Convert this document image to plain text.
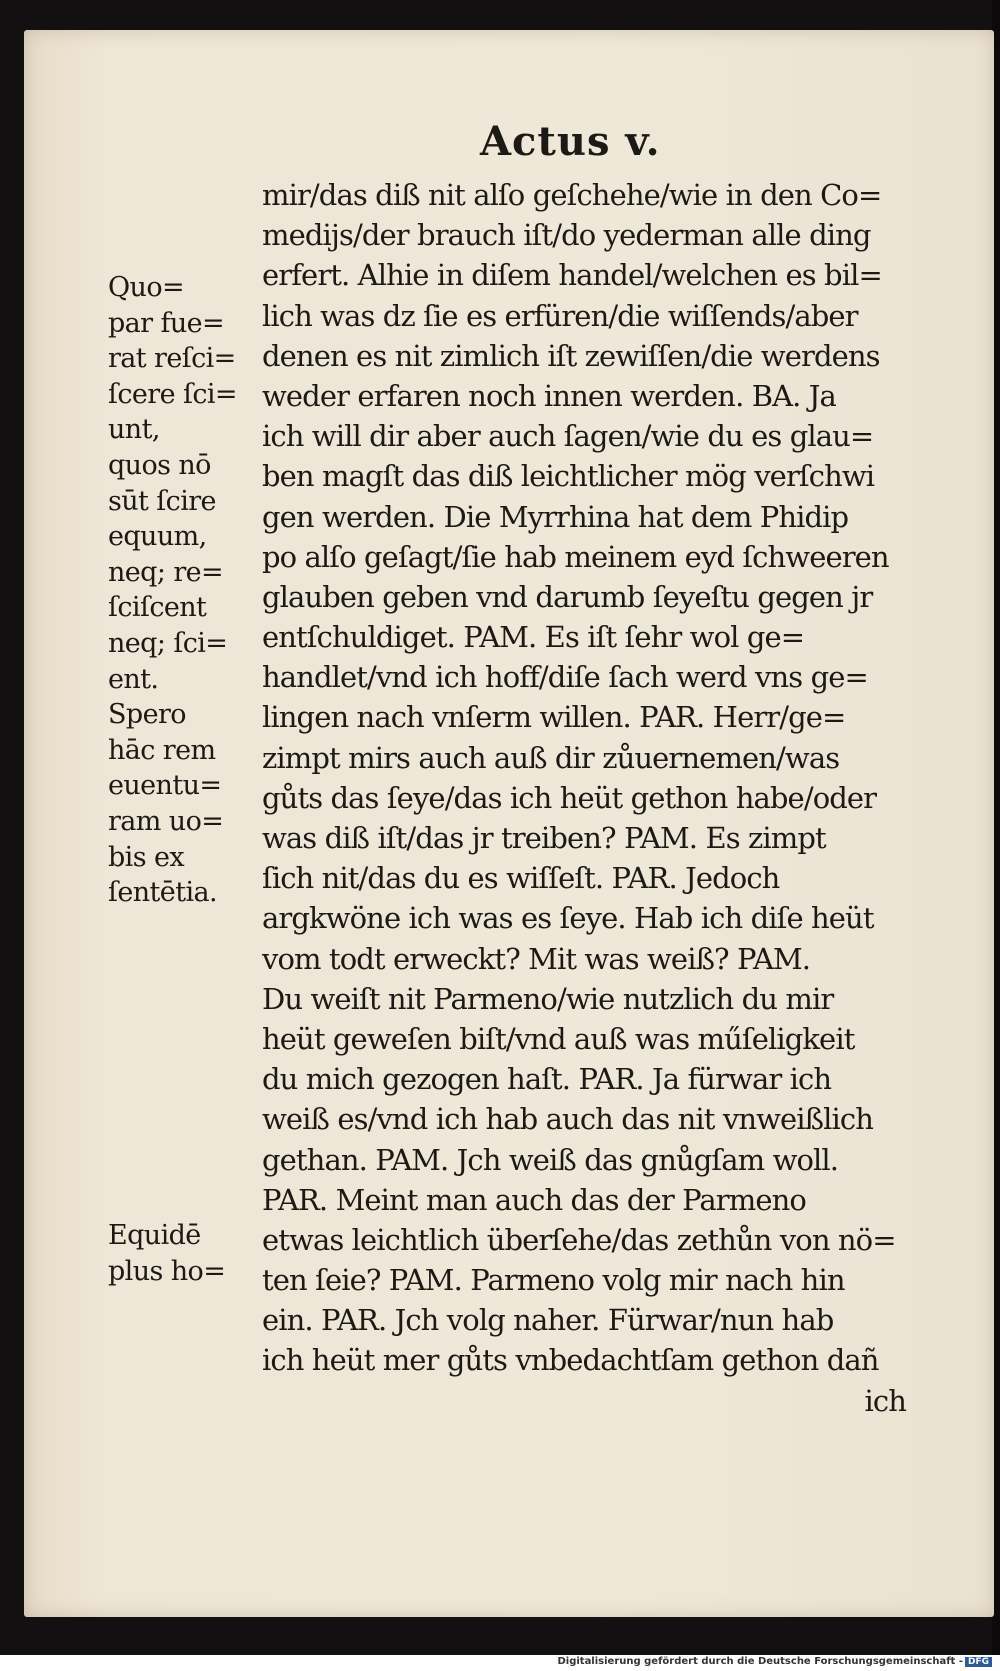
Actus v.
mir/das diß nit alſo geſchehe/wie in den Co=
medijs/der brauch iſt/do yederman alle ding
erfert. Alhie in diſem handel/welchen es bil=
lich was dz ſie es erfüren/die wiſſends/aber
denen es nit zimlich iſt zewiſſen/die werdens
weder erfaren noch innen werden. BA. Ja
ich will dir aber auch ſagen/wie du es glau=
ben magſt das diß leichtlicher mög verſchwi
gen werden. Die Myrrhina hat dem Phidip
po alſo geſagt/ſie hab meinem eyd ſchweeren
glauben geben vnd darumb ſeyeſtu gegen jr
entſchuldiget. PAM. Es iſt ſehr wol ge=
handlet/vnd ich hoff/diſe ſach werd vns ge=
lingen nach vnſerm willen. PAR. Herr/ge=
zimpt mirs auch auß dir zůuernemen/was
gůts das ſeye/das ich heüt gethon habe/oder
was diß iſt/das jr treiben? PAM. Es zimpt
ſich nit/das du es wiſſeſt. PAR. Jedoch
argkwöne ich was es ſeye. Hab ich diſe heüt
vom todt erweckt? Mit was weiß? PAM.
Du weiſt nit Parmeno/wie nutzlich du mir
heüt geweſen biſt/vnd auß was műſeligkeit
du mich gezogen haſt. PAR. Ja fürwar ich
weiß es/vnd ich hab auch das nit vnweißlich
gethan. PAM. Jch weiß das gnůgſam woll.
PAR. Meint man auch das der Parmeno
etwas leichtlich überſehe/das zethůn von nö=
ten ſeie? PAM. Parmeno volg mir nach hin
ein. PAR. Jch volg naher. Fürwar/nun hab
ich heüt mer gůts vnbedachtſam gethon dañ
ich
Quo=
par fue=
rat reſci=
ſcere ſci=
unt,
quos nō
sūt ſcire
equum,
neq; re=
ſciſcent
neq; ſci=
ent.
Spero
hāc rem
euentu=
ram uo=
bis ex
ſentētia.
Equidē
plus ho=
Digitalisierung gefördert durch die Deutsche Forschungsgemeinschaft - DFG
